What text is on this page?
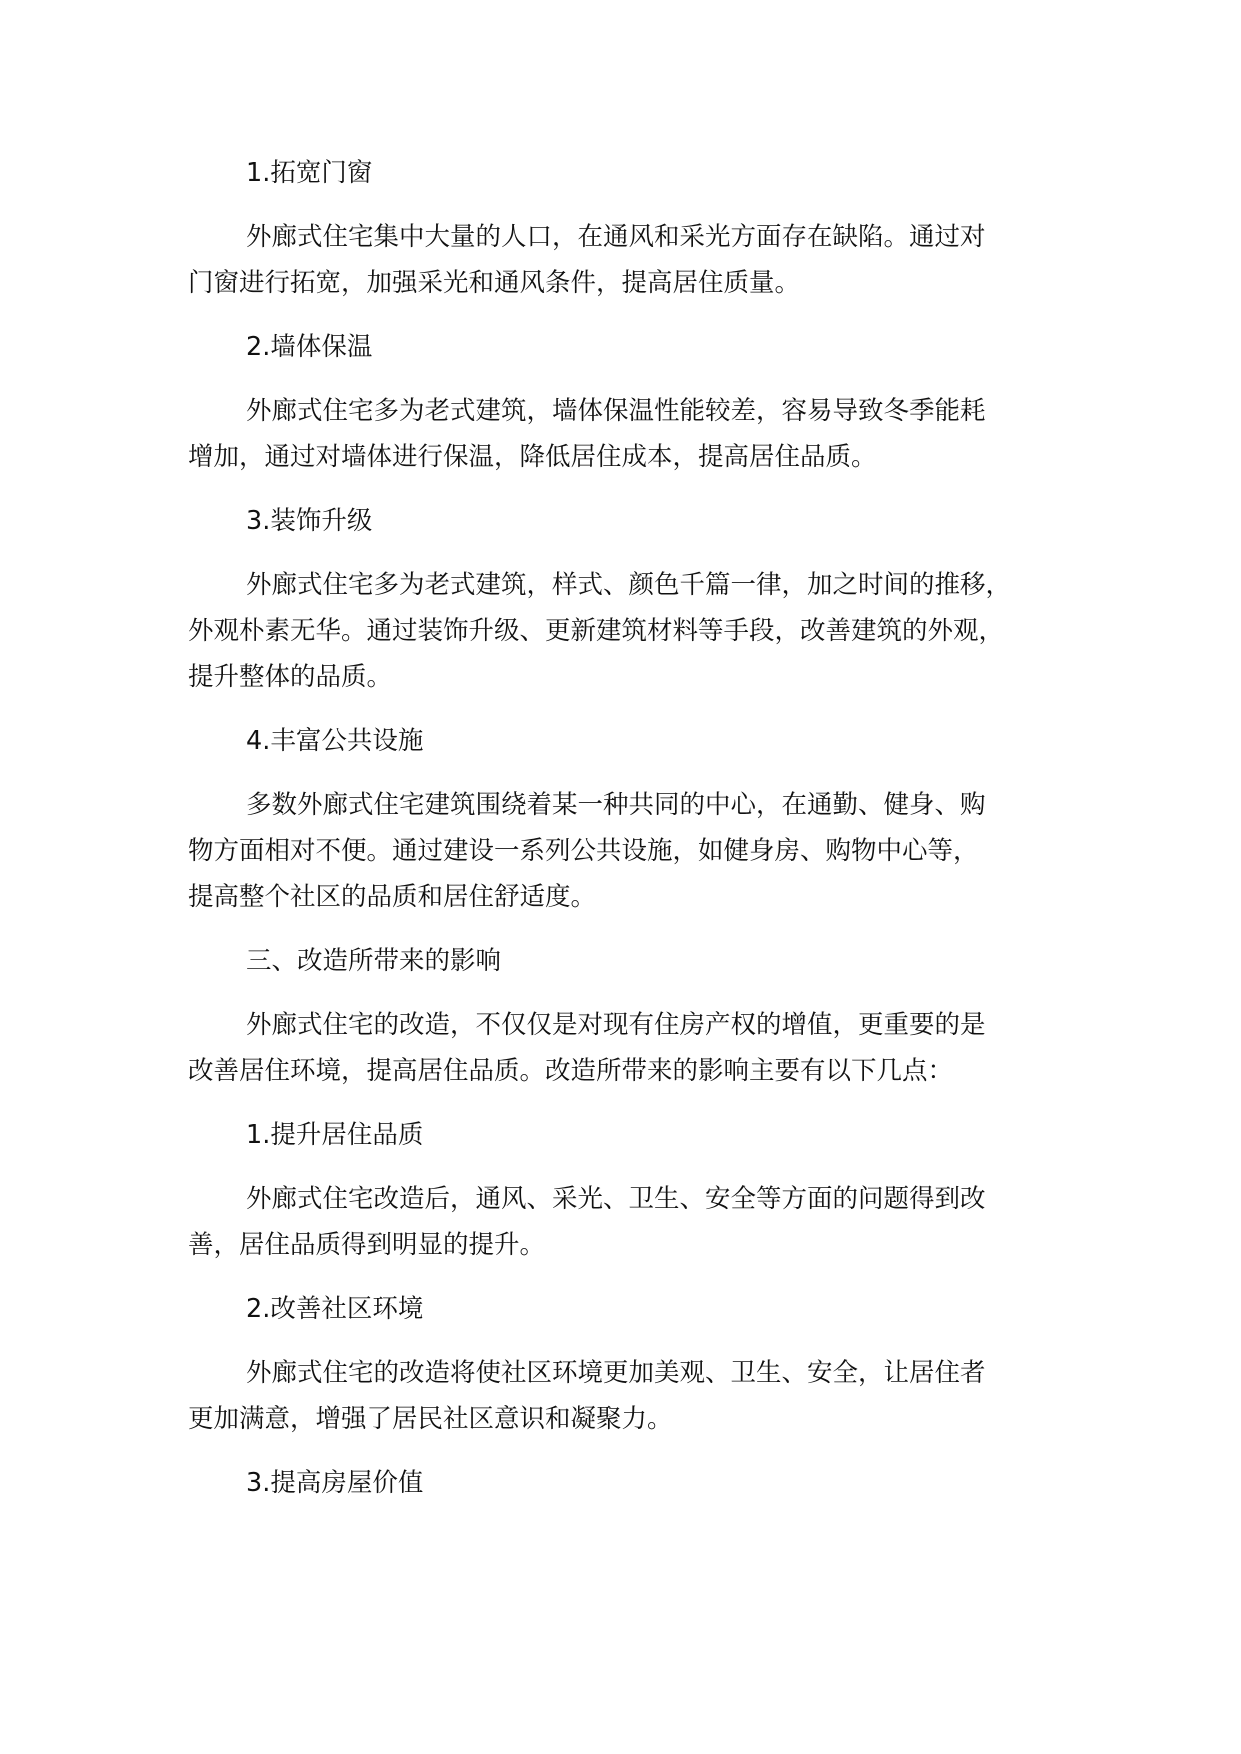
1.拓宽门窗
外廊式住宅集中大量的人口，在通风和采光方面存在缺陷。通过对
门窗进行拓宽，加强采光和通风条件，提高居住质量。
2.墙体保温
外廊式住宅多为老式建筑，墙体保温性能较差，容易导致冬季能耗
增加，通过对墙体进行保温，降低居住成本，提高居住品质。
3.装饰升级
外廊式住宅多为老式建筑，样式、颜色千篇一律，加之时间的推移，
外观朴素无华。通过装饰升级、更新建筑材料等手段，改善建筑的外观，
提升整体的品质。
4.丰富公共设施
多数外廊式住宅建筑围绕着某一种共同的中心，在通勤、健身、购
物方面相对不便。通过建设一系列公共设施，如健身房、购物中心等，
提高整个社区的品质和居住舒适度。
三、改造所带来的影响
外廊式住宅的改造，不仅仅是对现有住房产权的增值，更重要的是
改善居住环境，提高居住品质。改造所带来的影响主要有以下几点：
1.提升居住品质
外廊式住宅改造后，通风、采光、卫生、安全等方面的问题得到改
善，居住品质得到明显的提升。
2.改善社区环境
外廊式住宅的改造将使社区环境更加美观、卫生、安全，让居住者
更加满意，增强了居民社区意识和凝聚力。
3.提高房屋价值
